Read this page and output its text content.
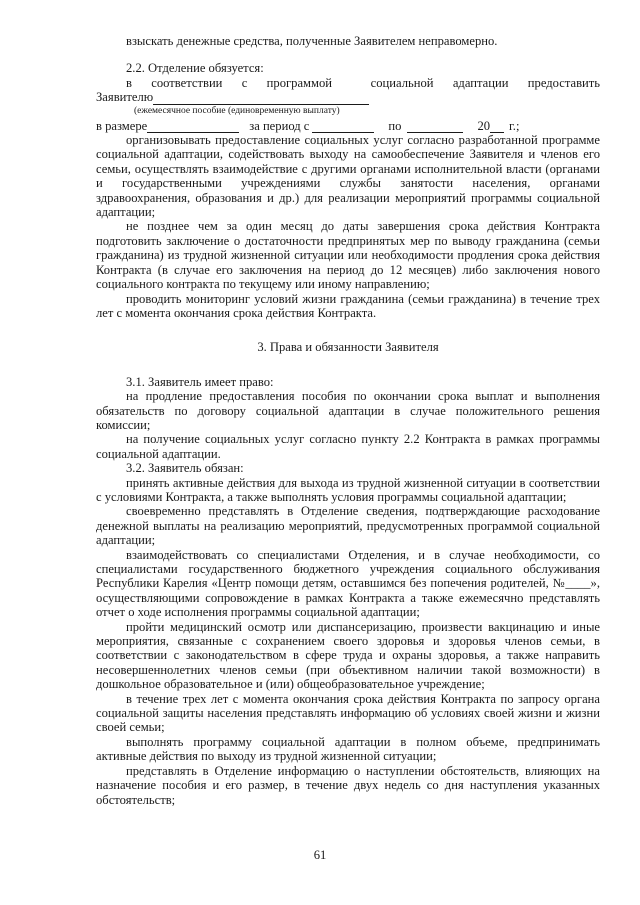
взыскать денежные средства, полученные Заявителем неправомерно.

2.2. Отделение обязуется:

в соответствии с программой	социальной адаптации предоставить
Заявителю
(ежемесячное пособие (единовременную выплату)
в размере	за период с	по	20 г.;

организовывать предоставление социальных услуг согласно разработанной программе социальной адаптации, содействовать выходу на самообеспечение Заявителя и членов его семьи, осуществлять взаимодействие с другими органами исполнительной власти (органами и государственными учреждениями службы занятости населения, органами здравоохранения, образования и др.) для реализации мероприятий программы социальной адаптации;

не позднее чем за один месяц до даты завершения срока действия Контракта подготовить заключение о достаточности предпринятых мер по выводу гражданина (семьи гражданина) из трудной жизненной ситуации или необходимости продления срока действия Контракта (в случае его заключения на период до 12 месяцев) либо заключения нового социального контракта по текущему или иному направлению;

проводить мониторинг условий жизни гражданина (семьи гражданина) в течение трех лет с момента окончания срока действия Контракта.

3. Права и обязанности Заявителя

3.1. Заявитель имеет право:

на продление предоставления пособия по окончании срока выплат и выполнения обязательств по договору социальной адаптации в случае положительного решения комиссии;

на получение социальных услуг согласно пункту 2.2 Контракта в рамках программы социальной адаптации.

3.2. Заявитель обязан:

принять активные действия для выхода из трудной жизненной ситуации в соответствии с условиями Контракта, а также выполнять условия программы социальной адаптации;

своевременно представлять в Отделение сведения, подтверждающие расходование денежной выплаты на реализацию мероприятий, предусмотренных программой социальной адаптации;

взаимодействовать со специалистами Отделения, и в случае необходимости, со специалистами государственного бюджетного учреждения социального обслуживания Республики Карелия «Центр помощи детям, оставшимся без попечения родителей, №____», осуществляющими сопровождение в рамках Контракта а также ежемесячно представлять отчет о ходе исполнения программы социальной адаптации;

пройти медицинский осмотр или диспансеризацию, произвести вакцинацию и иные мероприятия, связанные с сохранением своего здоровья и здоровья членов семьи, в соответствии с законодательством в сфере труда и охраны здоровья, а также направить несовершеннолетних членов семьи (при объективном наличии такой возможности) в дошкольное образовательное и (или) общеобразовательное учреждение;

в течение трех лет с момента окончания срока действия Контракта по запросу органа социальной защиты населения представлять информацию об условиях своей жизни и жизни своей семьи;

выполнять программу социальной адаптации в полном объеме, предпринимать активные действия по выходу из трудной жизненной ситуации;

представлять в Отделение информацию о наступлении обстоятельств, влияющих на назначение пособия и его размер, в течение двух недель со дня наступления указанных обстоятельств;

61
